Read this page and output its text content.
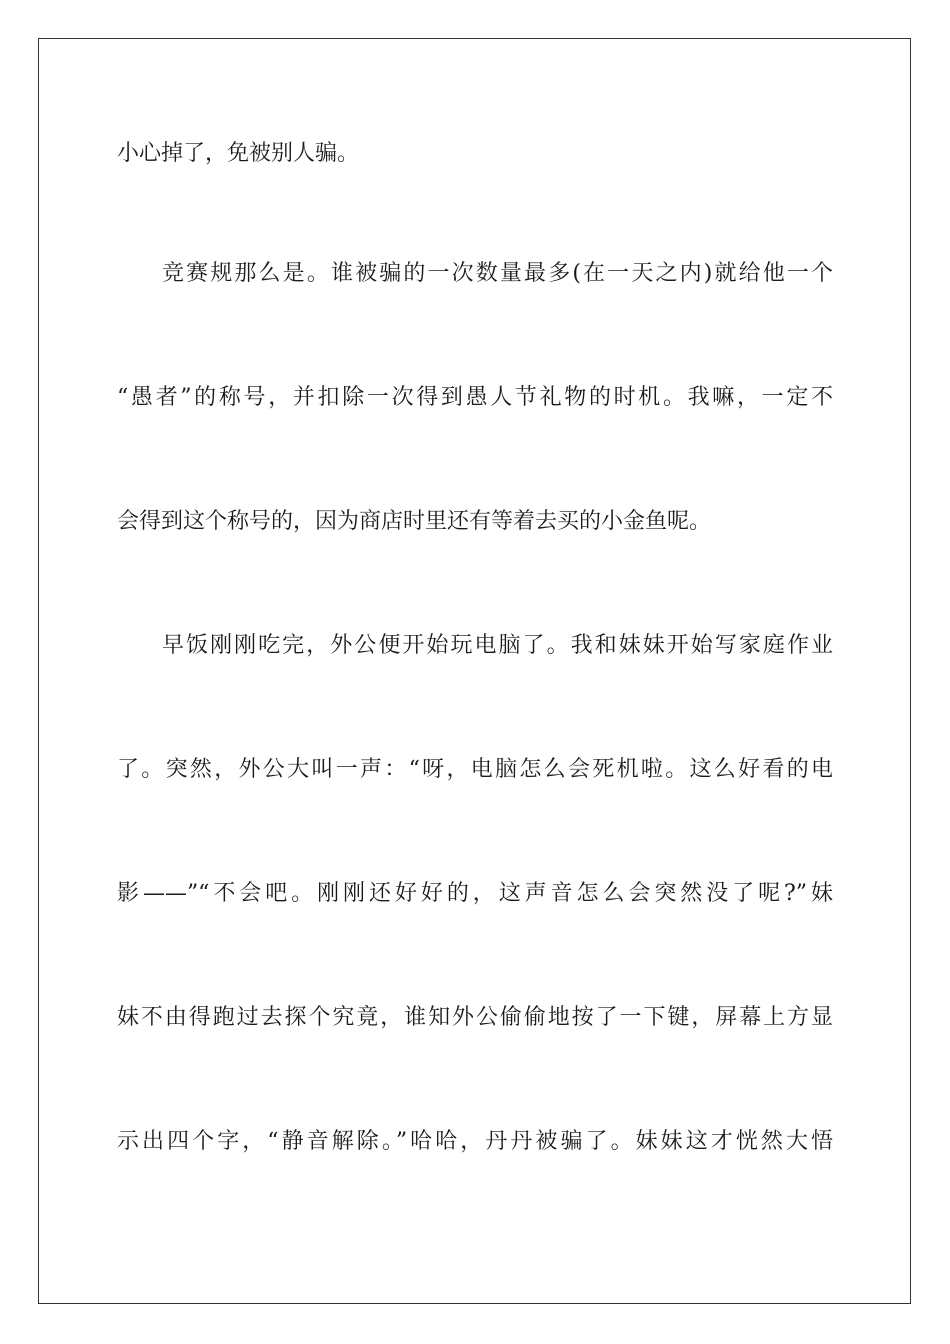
小心掉了，免被别人骗。
竞赛规那么是。谁被骗的一次数量最多(在一天之内)就给他一个
“愚者”的称号，并扣除一次得到愚人节礼物的时机。我嘛，一定不
会得到这个称号的，因为商店时里还有等着去买的小金鱼呢。
早饭刚刚吃完，外公便开始玩电脑了。我和妹妹开始写家庭作业
了。突然，外公大叫一声：“呀，电脑怎么会死机啦。这么好看的电
影——”“不会吧。刚刚还好好的，这声音怎么会突然没了呢?”妹
妹不由得跑过去探个究竟，谁知外公偷偷地按了一下键，屏幕上方显
示出四个字，“静音解除。”哈哈，丹丹被骗了。妹妹这才恍然大悟
